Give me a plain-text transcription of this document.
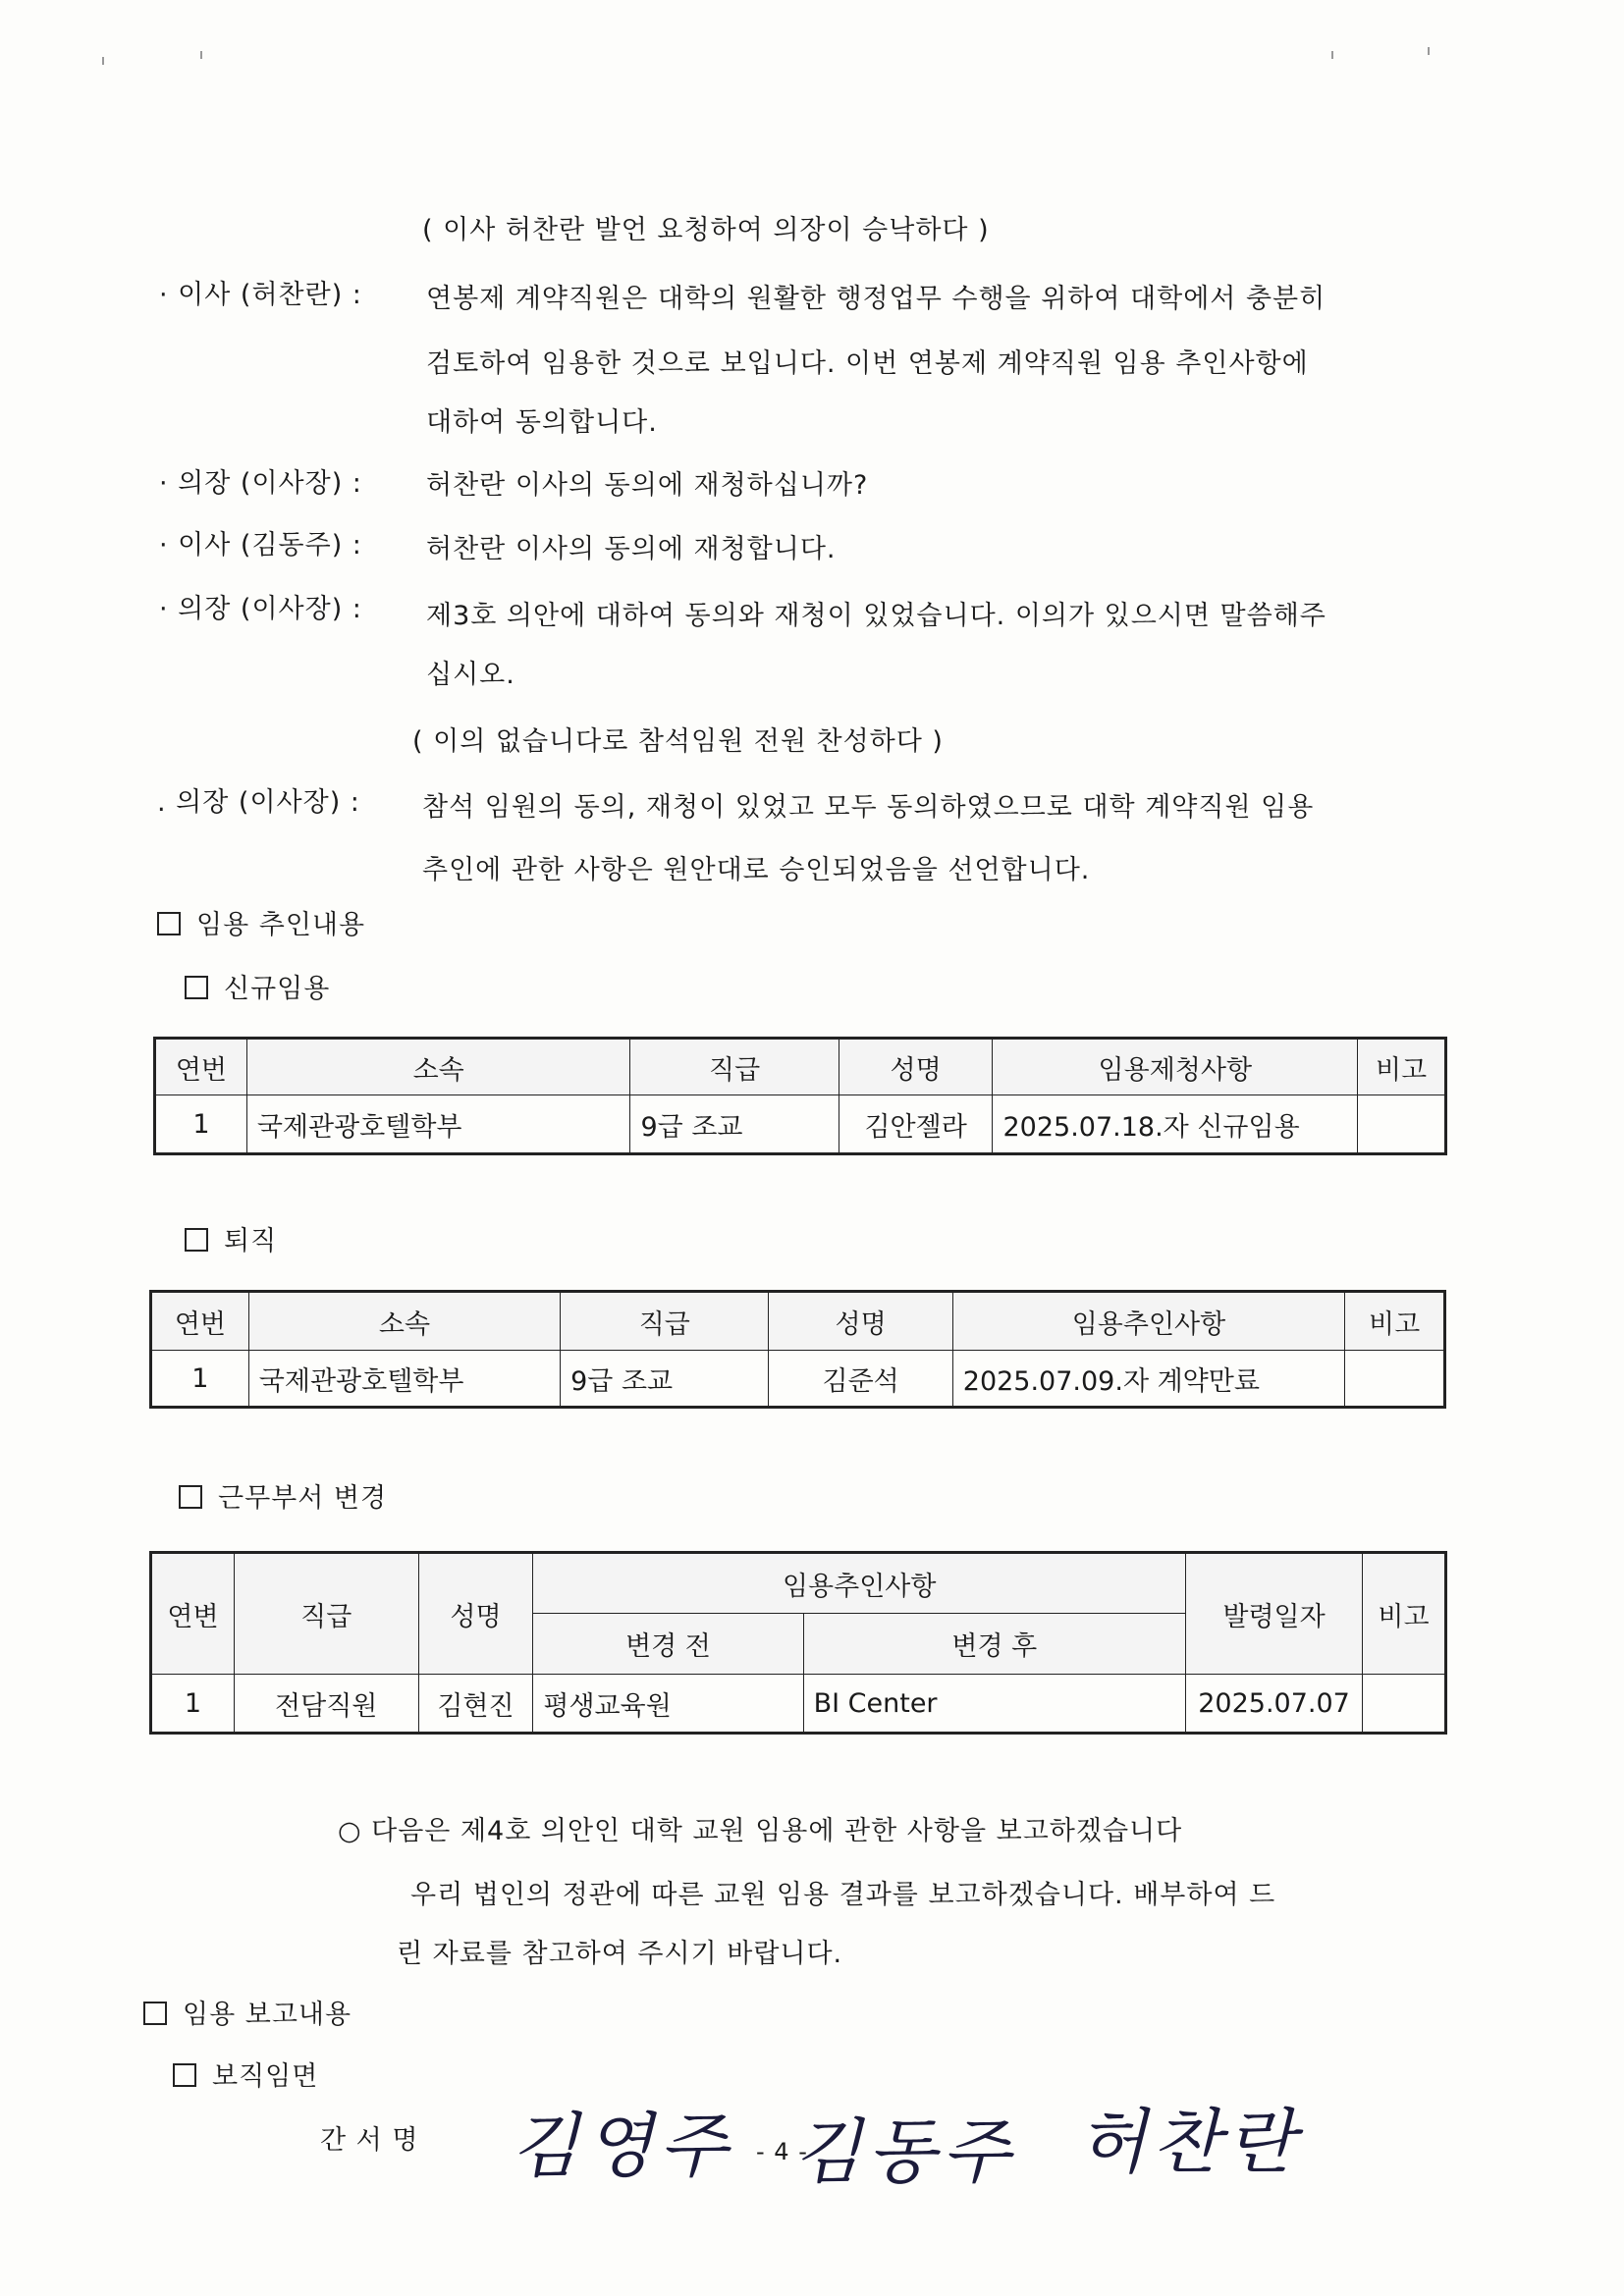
( 이사 허찬란 발언 요청하여 의장이 승낙하다 )
· 이사 (허찬란) : 연봉제 계약직원은 대학의 원활한 행정업무 수행을 위하여 대학에서 충분히
검토하여 임용한 것으로 보입니다. 이번 연봉제 계약직원 임용 추인사항에
대하여 동의합니다.
· 의장 (이사장) : 허찬란 이사의 동의에 재청하십니까?
· 이사 (김동주) : 허찬란 이사의 동의에 재청합니다.
· 의장 (이사장) : 제3호 의안에 대하여 동의와 재청이 있었습니다. 이의가 있으시면 말씀해주
십시오.
( 이의 없습니다로 참석임원 전원 찬성하다 )
. 의장 (이사장) : 참석 임원의 동의, 재청이 있었고 모두 동의하였으므로 대학 계약직원 임용
추인에 관한 사항은 원안대로 승인되었음을 선언합니다.
임용 추인내용
신규임용
연번	소속	직급	성명	임용제청사항	비고
1	국제관광호텔학부	9급 조교	김안젤라	2025.07.18.자 신규임용	
퇴직
연번	소속	직급	성명	임용추인사항	비고
1	국제관광호텔학부	9급 조교	김준석	2025.07.09.자 계약만료	
근무부서 변경
연변	직급	성명	임용추인사항		발령일자	비고
			변경 전	변경 후		
1	전담직원	김현진	평생교육원	BI Center	2025.07.07	
○ 다음은 제4호 의안인 대학 교원 임용에 관한 사항을 보고하겠습니다
우리 법인의 정관에 따른 교원 임용 결과를 보고하겠습니다. 배부하여 드
린 자료를 참고하여 주시기 바랍니다.
임용 보고내용
보직임면
간 서 명 김영주 김동주 허찬란
- 4 -
